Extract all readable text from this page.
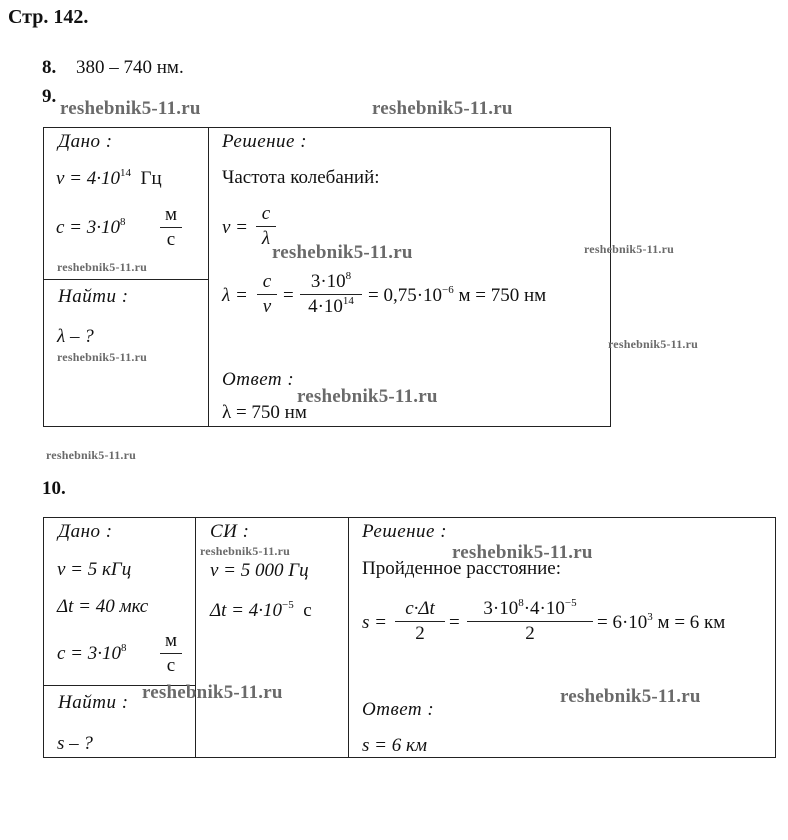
Стр. 142.
8. 380 – 740 нм.
9.
reshebnik5-11.ru	reshebnik5-11.ru
Дано :
$\nu = 4\cdot 10^{14}$ Гц
$c = 3\cdot 10^8$ м
с
reshebnik5-11.ru
Найти :
λ – ?
reshebnik5-11.ru
Решение :
Частота колебаний:
ν =
c
λ
reshebnik5-11.ru	reshebnik5-11.ru
λ =
c
ν
=
$3\cdot 10^8$
$4\cdot 10^{14} = 0,75\cdot 10^{-6}$ м = 750 нм
reshebnik5-11.ru
Ответ :
reshebnik5-11.ru
λ = 750 нм
reshebnik5-11.ru
10.
Дано :
ν = 5 кГц
Δt = 40 мкс
$c = 3\cdot 10^8$ м
с
СИ :
reshebnik5-11.ru
ν = 5 000 Гц
$\Delta t = 4\cdot 10^{-5}$ с
Найти : reshebnik5-11.ru
s – ?
Решение :
reshebnik5-11.ru
Пройденное расстояние:
s =
c·Δt
2
=
$3\cdot 10^8\cdot 4\cdot 10^{-5}$
2
= $6\cdot 10^3$ м = 6 км
reshebnik5-11.ru
Ответ :
s = 6 км
